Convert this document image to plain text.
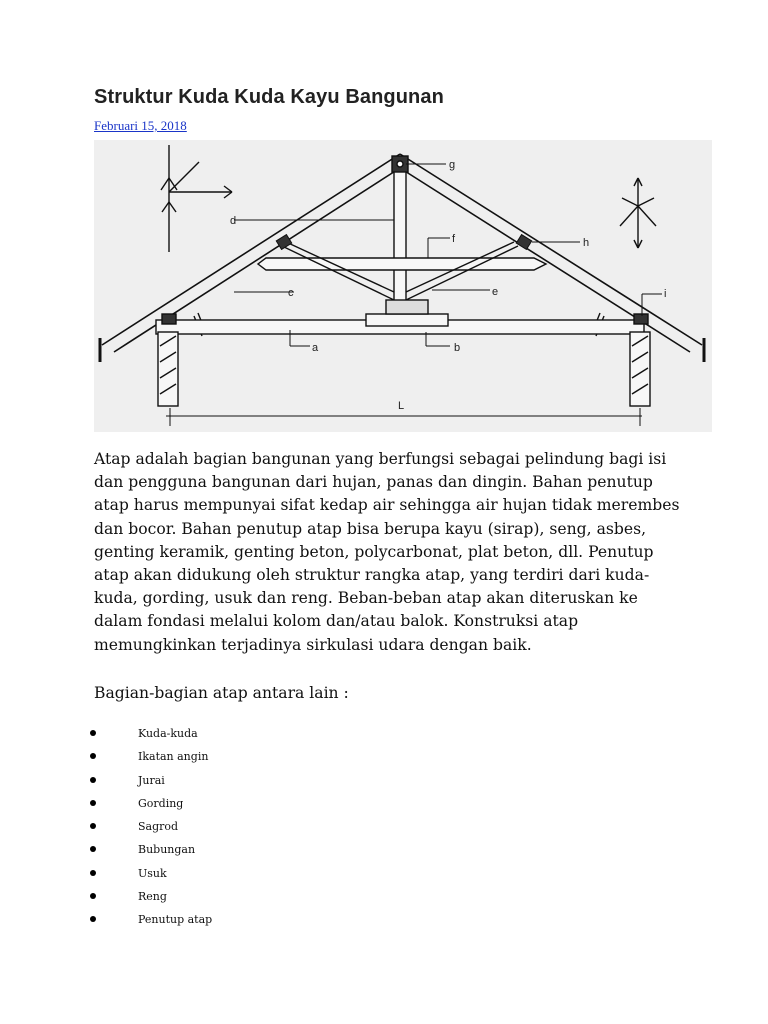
Struktur Kuda Kuda Kayu Bangunan
Februari 15, 2018
d
c
a	b
f
e
g
h
i
L

Atap adalah bagian bangunan yang berfungsi sebagai pelindung bagi isi dan pengguna bangunan dari hujan, panas dan dingin. Bahan penutup atap harus mempunyai sifat kedap air sehingga air hujan tidak merembes dan bocor. Bahan penutup atap bisa berupa kayu (sirap), seng, asbes, genting keramik, genting beton, polycarbonat, plat beton, dll. Penutup atap akan didukung oleh struktur rangka atap, yang terdiri dari kuda-kuda, gording, usuk dan reng. Beban-beban atap akan diteruskan ke dalam fondasi melalui kolom dan/atau balok. Konstruksi atap memungkinkan terjadinya sirkulasi udara dengan baik.

Bagian-bagian atap antara lain :

Kuda-kuda
Ikatan angin
Jurai
Gording
Sagrod
Bubungan
Usuk
Reng
Penutup atap
